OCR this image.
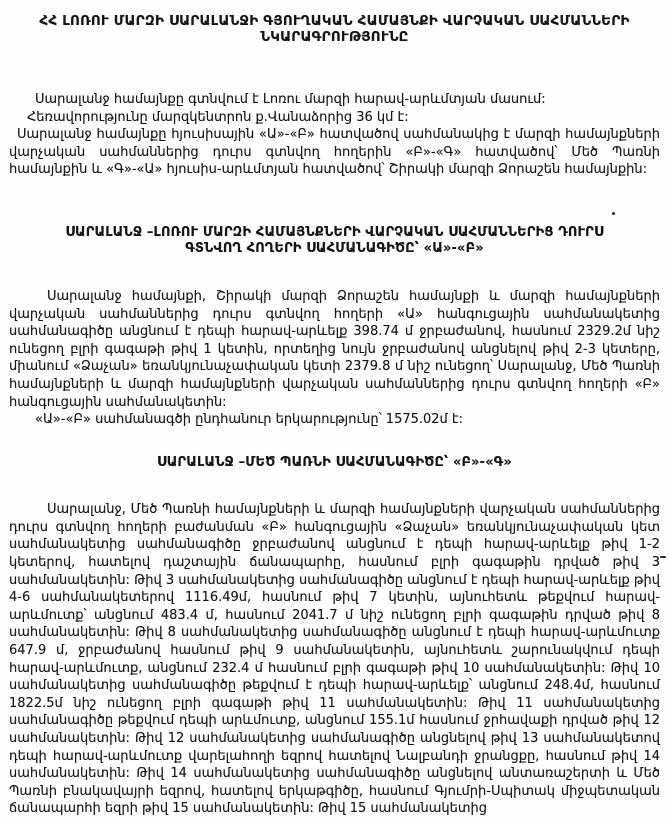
ՀՀ ԼՈՌՈՒ ՄԱՐԶԻ ՍԱՐԱԼԱՆՋԻ ԳՅՈՒՂԱԿԱՆ ՀԱՄԱՅՆՔԻ ՎԱՐՉԱԿԱՆ ՍԱՀՄԱՆՆԵՐԻ ՆԿԱՐԱԳՐՈՒԹՅՈՒՆԸ

Սարալանջ համայնքը գտնվում է Լոռու մարզի հարավ-արևմտյան մասում:

Հեռավորությունը մարզկենտրոն ք.Վանաձորից 36 կմ է:

Սարալանջ համայնքը հյուսիսային «Ա»-«Բ» հատվածով սահմանակից է մարզի համայնքների վարչական սահմաններից դուրս գտնվող հողերին «Բ»-«Գ» հատվածով՝ Մեծ Պառնի համայնքին և «Գ»-«Ա» հյուսիս-արևմտյան հատվածով՝ Շիրակի մարզի Ձորաշեն համայնքին:

ՍԱՐԱԼԱՆՋ –ԼՈՌՈՒ ՄԱՐԶԻ ՀԱՄԱՅՆՔՆԵՐԻ ՎԱՐՉԱԿԱՆ ՍԱՀՄԱՆՆԵՐԻՑ ԴՈՒՐՍ ԳՏՆՎՈՂ ՀՈՂԵՐԻ ՍԱՀՄԱՆԱԳԻԾԸ՝ «Ա»-«Բ»

Սարալանջ համայնքի, Շիրակի մարզի Ձորաշեն համայնքի և մարզի համայնքների վարչական սահմաններից դուրս գտնվող հողերի «Ա» հանգուցային սահմանակետից սահմանագիծը անցնում է դեպի հարավ-արևելք 398.74 մ ջրբաժանով, հասնում 2329.2մ նիշ ունեցող բլրի գագաթի թիվ 1 կետին, որտեղից նույն ջրբաժանով անցնելով թիվ 2-3 կետերը, միանում «Ձաչան» եռանկյունաչափական կետի 2379.8 մ նիշ ունեցող՝ Սարալանջ, Մեծ Պառնի համայնքների և մարզի համայնքների վարչական սահմաններից դուրս գտնվող հողերի «Բ» հանգուցային սահմանակետին:

«Ա»-«Բ» սահմանագծի ընդհանուր երկարությունը՝ 1575.02մ է:

ՍԱՐԱԼԱՆՋ –ՄԵԾ ՊԱՌՆԻ ՍԱՀՄԱՆԱԳԻԾԸ՝ «Բ»-«Գ»

Սարալանջ, Մեծ Պառնի համայնքների և մարզի համայնքների վարչական սահմաններից դուրս գտնվող հողերի բաժանման «Բ» հանգուցային «Ձաչան» եռանկյունաչափական կետ սահմանակետից սահմանագիծը ջրբաժանով անցնում է դեպի հարավ-արևելք թիվ 1-2 կետերով, հատելով դաշտային ճանապարհը, հասնում բլրի գագաթին դրված թիվ 3 սահմանակետին: Թիվ 3 սահմանակետից սահմանագիծը անցնում է դեպի հարավ-արևելք թիվ 4-6 սահմանակետերով 1116.49մ, հասնում թիվ 7 կետին, այնուհետև թեքվում հարավ-արևմուտք՝ անցնում 483.4 մ, հասնում 2041.7 մ նիշ ունեցող բլրի գագաթին դրված թիվ 8 սահմանակետին: Թիվ 8 սահմանակետից սահմանագիծը անցնում է դեպի հարավ-արևմուտք 647.9 մ, ջրբաժանով հասնում թիվ 9 սահմանակետին, այնուհետև շարունակվում դեպի հարավ-արևմուտք, անցնում 232.4 մ հասնում բլրի գագաթի թիվ 10 սահմանակետին: Թիվ 10 սահմանակետից սահմանագիծը թեքվում է դեպի հարավ-արևելք՝ անցնում 248.4մ, հասնում 1822.5մ նիշ ունեցող բլրի գագաթի թիվ 11 սահմանակետին: Թիվ 11 սահմանակետից սահմանագիծը թեքվում դեպի արևմուտք, անցնում 155.1մ հասնում ջրհավաքի դրված թիվ 12 սահմանակետին: Թիվ 12 սահմանակետից սահմանագիծը անցնելով թիվ 13 սահմանակետով դեպի հարավ-արևմուտք վարելահողի եզրով հատելով Նալբանդի ջրանցքը, հասնում թիվ 14 սահմանակետին: Թիվ 14 սահմանակետից սահմանագիծը անցնելով անտառաշերտի և Մեծ Պառնի բնակավայրի եզրով, հատելով երկաթգիծը, հասնում Գյումրի-Սպիտակ միջպետական ճանապարհի եզրի թիվ 15 սահմանակետին: Թիվ 15 սահմանակետից
